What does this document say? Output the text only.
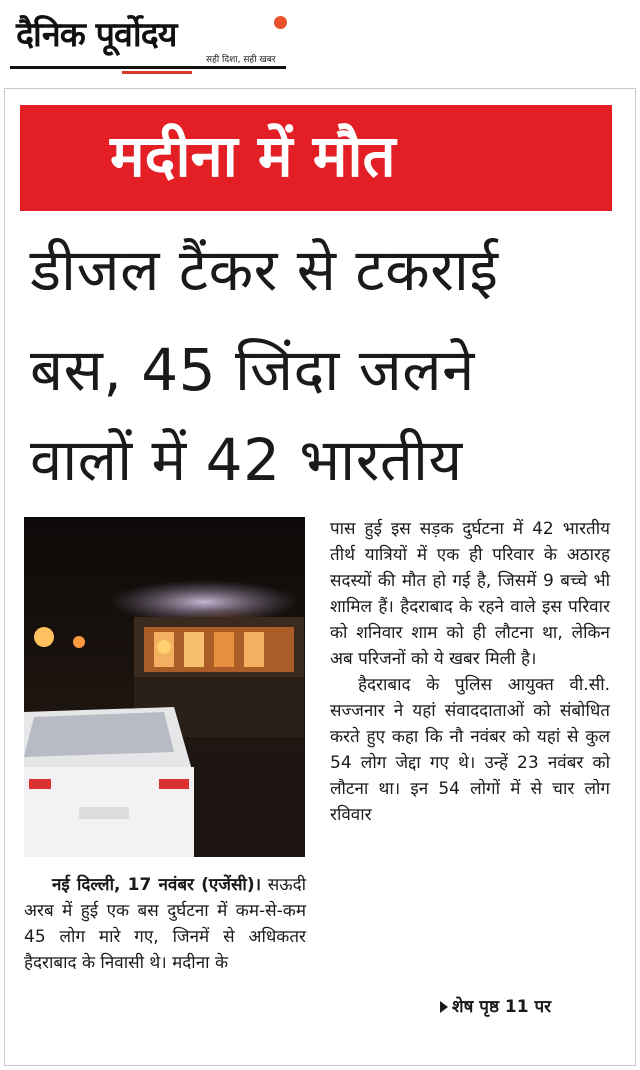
दैनिक पूर्वोदय
सही दिशा, सही खबर
मदीना में मौत
डीजल टैंकर से टकराई
बस, 45 जिंदा जलने
वालों में 42 भारतीय

पास हुई इस सड़क दुर्घटना में 42 भारतीय तीर्थ यात्रियों में एक ही परिवार के अठारह सदस्यों की मौत हो गई है, जिसमें 9 बच्चे भी शामिल हैं। हैदराबाद के रहने वाले इस परिवार को शनिवार शाम को ही लौटना था, लेकिन अब परिजनों को ये खबर मिली है।

हैदराबाद के पुलिस आयुक्त वी.सी. सज्जनार ने यहां संवाददाताओं को संबोधित करते हुए कहा कि नौ नवंबर को यहां से कुल 54 लोग जेद्दा गए थे। उन्हें 23 नवंबर को लौटना था। इन 54 लोगों में से चार लोग रविवार

शेष पृष्ठ 11 पर

नई दिल्ली, 17 नवंबर (एजेंसी)। सऊदी अरब में हुई एक बस दुर्घटना में कम-से-कम 45 लोग मारे गए, जिनमें से अधिकतर हैदराबाद के निवासी थे। मदीना के
